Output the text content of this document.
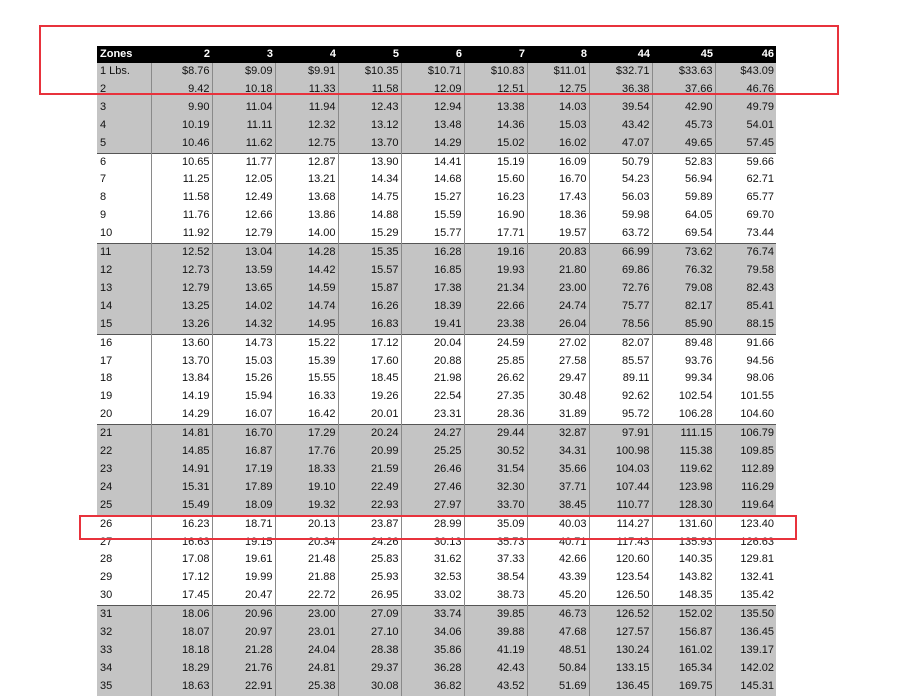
Zones	2	3	4	5	6	7	8	44	45	46
1 Lbs.	$8.76	$9.09	$9.91	$10.35	$10.71	$10.83	$11.01	$32.71	$33.63	$43.09
2	9.42	10.18	11.33	11.58	12.09	12.51	12.75	36.38	37.66	46.76
3	9.90	11.04	11.94	12.43	12.94	13.38	14.03	39.54	42.90	49.79
4	10.19	11.11	12.32	13.12	13.48	14.36	15.03	43.42	45.73	54.01
5	10.46	11.62	12.75	13.70	14.29	15.02	16.02	47.07	49.65	57.45
6	10.65	11.77	12.87	13.90	14.41	15.19	16.09	50.79	52.83	59.66
7	11.25	12.05	13.21	14.34	14.68	15.60	16.70	54.23	56.94	62.71
8	11.58	12.49	13.68	14.75	15.27	16.23	17.43	56.03	59.89	65.77
9	11.76	12.66	13.86	14.88	15.59	16.90	18.36	59.98	64.05	69.70
10	11.92	12.79	14.00	15.29	15.77	17.71	19.57	63.72	69.54	73.44
11	12.52	13.04	14.28	15.35	16.28	19.16	20.83	66.99	73.62	76.74
12	12.73	13.59	14.42	15.57	16.85	19.93	21.80	69.86	76.32	79.58
13	12.79	13.65	14.59	15.87	17.38	21.34	23.00	72.76	79.08	82.43
14	13.25	14.02	14.74	16.26	18.39	22.66	24.74	75.77	82.17	85.41
15	13.26	14.32	14.95	16.83	19.41	23.38	26.04	78.56	85.90	88.15
16	13.60	14.73	15.22	17.12	20.04	24.59	27.02	82.07	89.48	91.66
17	13.70	15.03	15.39	17.60	20.88	25.85	27.58	85.57	93.76	94.56
18	13.84	15.26	15.55	18.45	21.98	26.62	29.47	89.11	99.34	98.06
19	14.19	15.94	16.33	19.26	22.54	27.35	30.48	92.62	102.54	101.55
20	14.29	16.07	16.42	20.01	23.31	28.36	31.89	95.72	106.28	104.60
21	14.81	16.70	17.29	20.24	24.27	29.44	32.87	97.91	111.15	106.79
22	14.85	16.87	17.76	20.99	25.25	30.52	34.31	100.98	115.38	109.85
23	14.91	17.19	18.33	21.59	26.46	31.54	35.66	104.03	119.62	112.89
24	15.31	17.89	19.10	22.49	27.46	32.30	37.71	107.44	123.98	116.29
25	15.49	18.09	19.32	22.93	27.97	33.70	38.45	110.77	128.30	119.64
26	16.23	18.71	20.13	23.87	28.99	35.09	40.03	114.27	131.60	123.40
27	16.63	19.15	20.34	24.26	30.13	35.73	40.71	117.43	135.93	126.63
28	17.08	19.61	21.48	25.83	31.62	37.33	42.66	120.60	140.35	129.81
29	17.12	19.99	21.88	25.93	32.53	38.54	43.39	123.54	143.82	132.41
30	17.45	20.47	22.72	26.95	33.02	38.73	45.20	126.50	148.35	135.42
31	18.06	20.96	23.00	27.09	33.74	39.85	46.73	126.52	152.02	135.50
32	18.07	20.97	23.01	27.10	34.06	39.88	47.68	127.57	156.87	136.45
33	18.18	21.28	24.04	28.38	35.86	41.19	48.51	130.24	161.02	139.17
34	18.29	21.76	24.81	29.37	36.28	42.43	50.84	133.15	165.34	142.02
35	18.63	22.91	25.38	30.08	36.82	43.52	51.69	136.45	169.75	145.31
